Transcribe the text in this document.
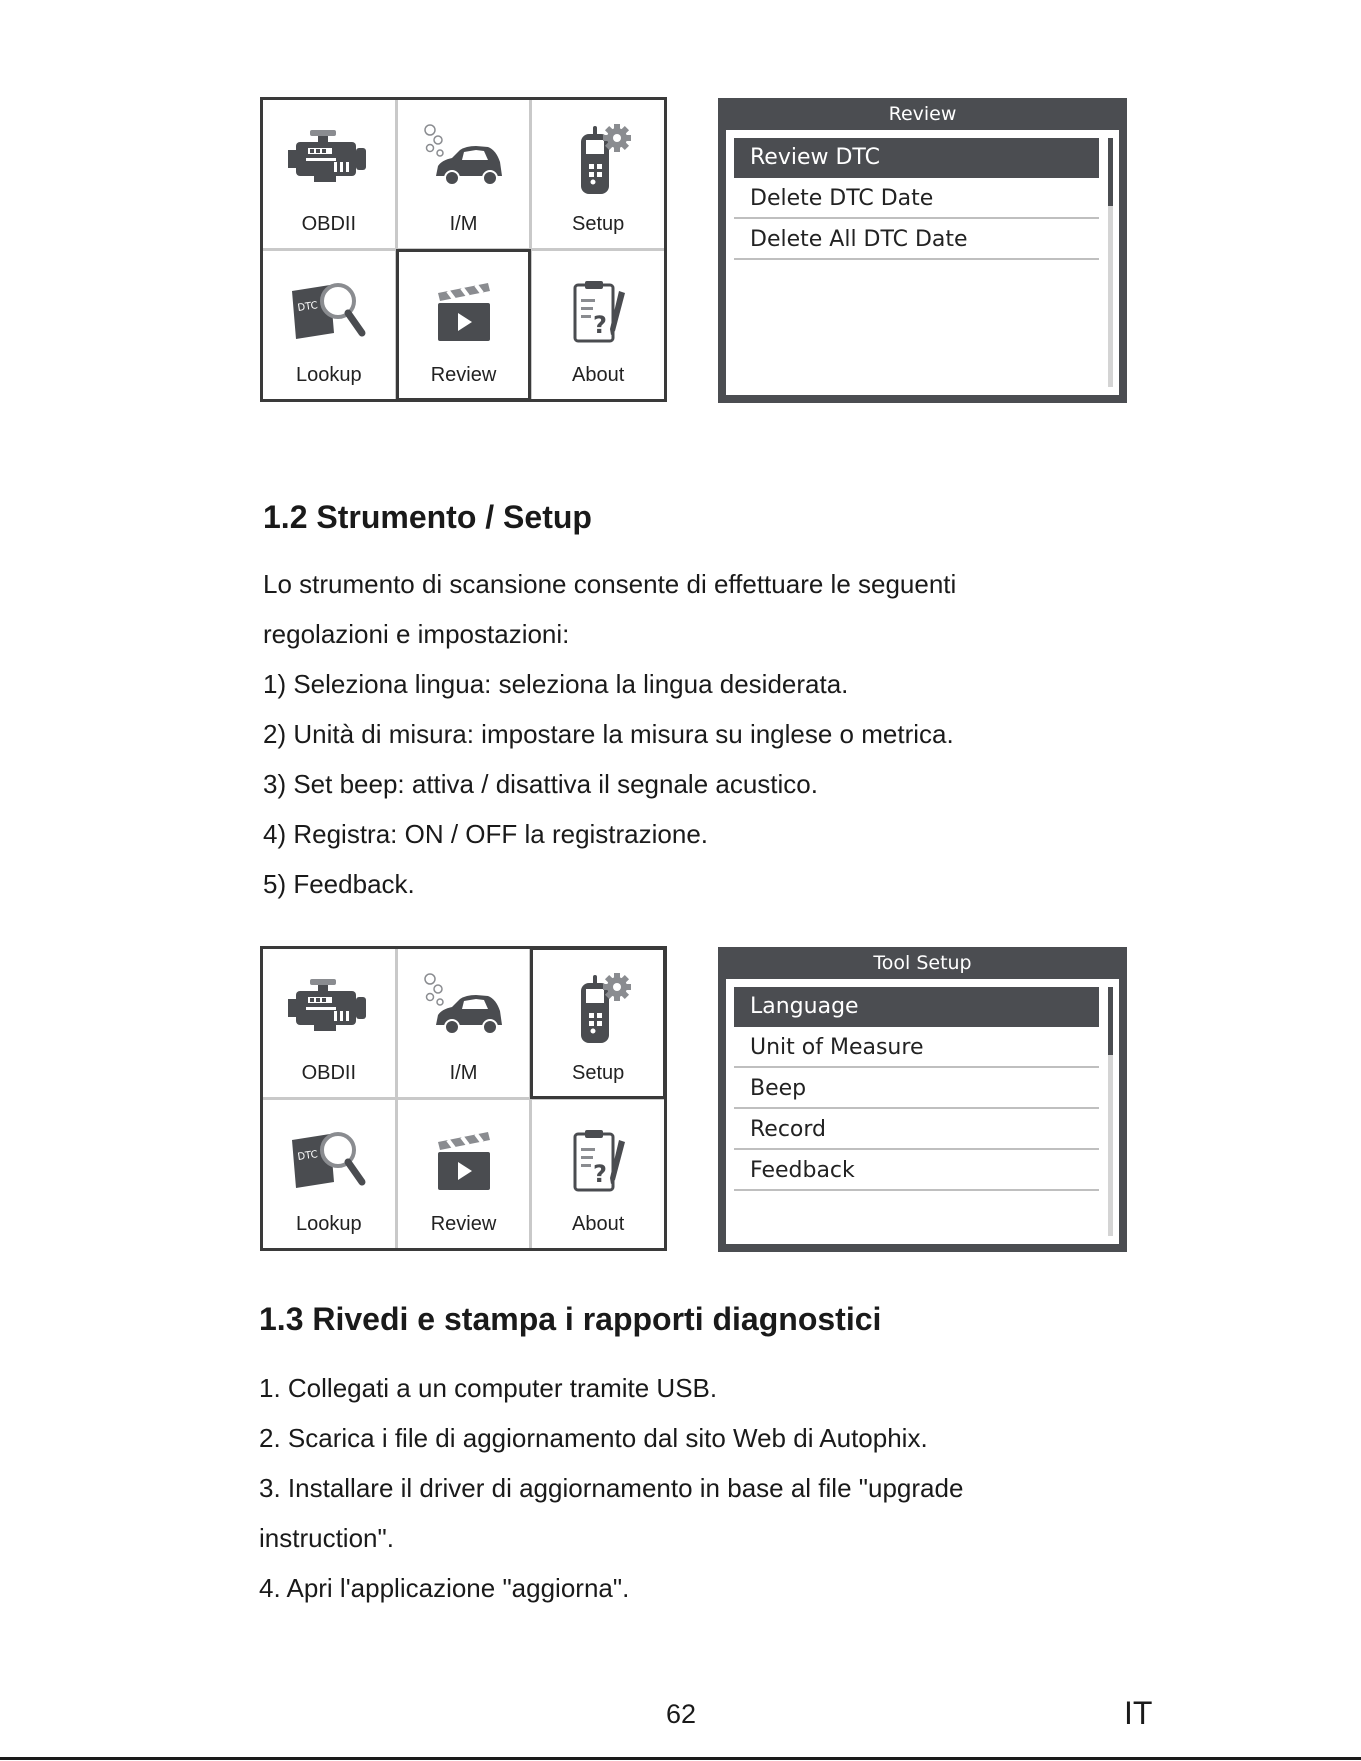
OBDII	I/M	Setup
Lookup	Review	About
Review
Review DTC
Delete DTC Date
Delete All DTC Date
1.2 Strumento / Setup

Lo strumento di scansione consente di effettuare le seguenti

regolazioni e impostazioni:

1) Seleziona lingua: seleziona la lingua desiderata.

2) Unità di misura: impostare la misura su inglese o metrica.

3) Set beep: attiva / disattiva il segnale acustico.

4) Registra: ON / OFF la registrazione.

5) Feedback.

OBDII	I/M	Setup
Lookup	Review	About
Tool Setup
Language
Unit of Measure
Beep
Record
Feedback
1.3 Rivedi e stampa i rapporti diagnostici

1. Collegati a un computer tramite USB.

2. Scarica i file di aggiornamento dal sito Web di Autophix.

3. Installare il driver di aggiornamento in base al file "upgrade

instruction".

4. Apri l'applicazione "aggiorna".

62	IT
